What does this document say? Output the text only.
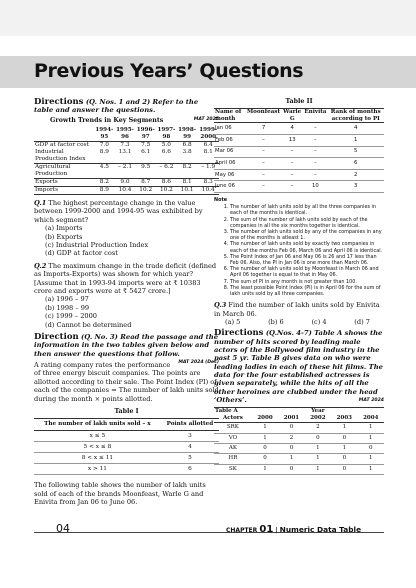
Previous Years’ Questions

Directions (Q. Nos. 1 and 2) Refer to the table and answer the questions.

Growth Trends in Key Segments	MAT 2025
	1994-95	1995-96	1996-97	1997-98	1998-99	1999-2000
GDP at factor cost	7.0	7.3	7.5	5.0	6.8	6.4
Industrial Production Index	8.9	13.1	6.1	6.6	3.8	8.1
Agricultural Production	4.5	– 2.1	9.5	– 6.2	8.2	– 1.9
Exports	8.2	9.0	8.7	8.6	8.1	8.3
Imports	8.9	10.4	10.2	10.2	10.1	10.4
Q.1 The highest percentage change in the value between 1999-2000 and 1994-95 was exhibited by which segment?
(a) Imports
(b) Exports
(c) Industrial Production Index
(d) GDP at factor cost
Q.2 The maximum change in the trade deficit (defined as Imports-Exports) was shown for which year? [Assume that in 1993-94 imports were at ₹ 10383 crore and exports were at ₹ 5427 crore.]
(a) 1996 – 97
(b) 1998 – 99
(c) 1999 – 2000
(d) Cannot be determined

Direction (Q. No. 3) Read the passage and the information in the two tables given below and then answer the questions that follow.
MAT 2024 (Dec)

A rating company rates the performance of three energy biscuit companies. The points are allotted according to their sale. The Point Index (PI) of each of the companies = The number of lakh units sold during the month × points allotted.
Table I
The number of lakh units sold – x	Points allotted
x ≤ 5	3
5 < x ≤ 8	4
8 < x ≤ 11	5
x > 11	6
The following table shows the number of lakh units sold of each of the brands Moonfeast, Warle G and Enivita from Jan 06 to June 06.
Table II
Name of month	Moonfeast	Warle G	Enivita	Rank of months according to PI
Jan 06	7	4	–	4
Feb 06	–	13	–	1
Mar 06	–	–	–	5
April 06	–	–	–	6
May 06	–	–	–	2
June 06	–	–	10	3
Note
1. The number of lakh units sold by all the three companies in each of the months is identical.
2. The sum of the number of lakh units sold by each of the companies in all the six months together is identical.
3. The number of lakh units sold by any of the companies in any one of the months is atleast 1.
4. The number of lakh units sold by exactly two companies in each of the months Feb 06, March 06 and April 06 is identical.
5. The Point Index of Jan 06 and May 06 is 26 and 17 less than Feb 06. Also, the PI in Jan 06 is one more than March 06.
6. The number of lakh units sold by Moonfeast in March 06 and April 06 together is equal to that in May 06.
7. The sum of PI in any month is not greater than 100.
8. The least possible Point Index (PI) is in April 06 for the sum of lakh units sold by all three companies.
Q.3 Find the number of lakh units sold by Enivita in March 06.
(a) 5	(b) 6	(c) 4	(d) 7

Directions (Q.Nos. 4-7) Table A shows the number of hits scored by leading male actors of the Bollywood film industry in the past 5 yr. Table B gives data on who were leading ladies in each of these hit films. The data for the four established actresses is given separately, while the hits of all the other heroines are clubbed under the head ‘Others’.	MAT 2024

Table A	Year				
Actors	2000	2001	2002	2003	2004
SRK	1	0	2	1	1
VO	1	2	0	0	1
AK	0	0	1	1	0
HR	0	1	1	0	1
SK	1	0	1	0	1
04	CHAPTER 01 | Numeric Data Table
